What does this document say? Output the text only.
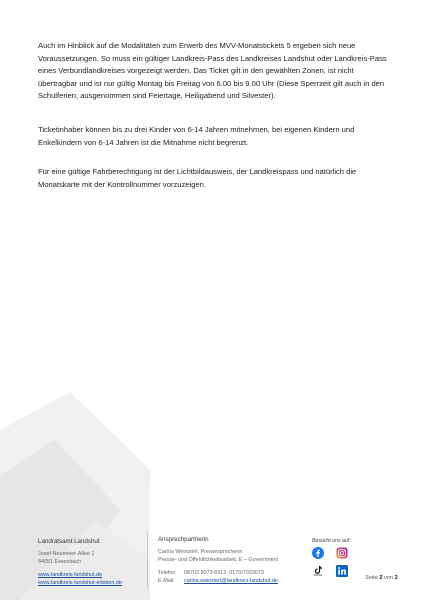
Auch im Hinblick auf die Modalitäten zum Erwerb des MVV-Monatstickets 5 ergeben sich neue Voraussetzungen. So muss ein gültiger Landkreis-Pass des Landkreises Landshut oder Landkreis-Pass eines Verbundlandkreises vorgezeigt werden. Das Ticket gilt in den gewählten Zonen, ist nicht übertragbar und ist nur gültig Montag bis Freitag von 6.00 bis 9.00 Uhr (Diese Sperrzeit gilt auch in den Schulferien, ausgenommen sind Feiertage, Heiligabend und Silvester).
Ticketinhaber können bis zu drei Kinder von 6-14 Jahren mitnehmen, bei eigenen Kindern und Enkelkindern von 6-14 Jahren ist die Mitnahme nicht begrenzt.
Für eine gültige Fahrberechtigung ist der Lichtbildausweis, der Landkreispass und natürlich die Monatskarte mit der Kontrollnummer vorzuzeigen.
Landratsamt Landshut
Josef-Neumeier-Allee 1
84051 Essenbach
www.landkreis-landshut.de
www.landkreis-landshut-erleben.de
Ansprechpartnerin
Carina Weinzierl, Pressesprecherin
Presse- und Öffentlichkeitsarbeit, E – Government
Telefon	08703 9073-8312, 0170/7033073
E-Mail	carina.weinzierl@landkreis-landshut.de
Besucht uns auf:
TikTok	Seite 2 von 2
